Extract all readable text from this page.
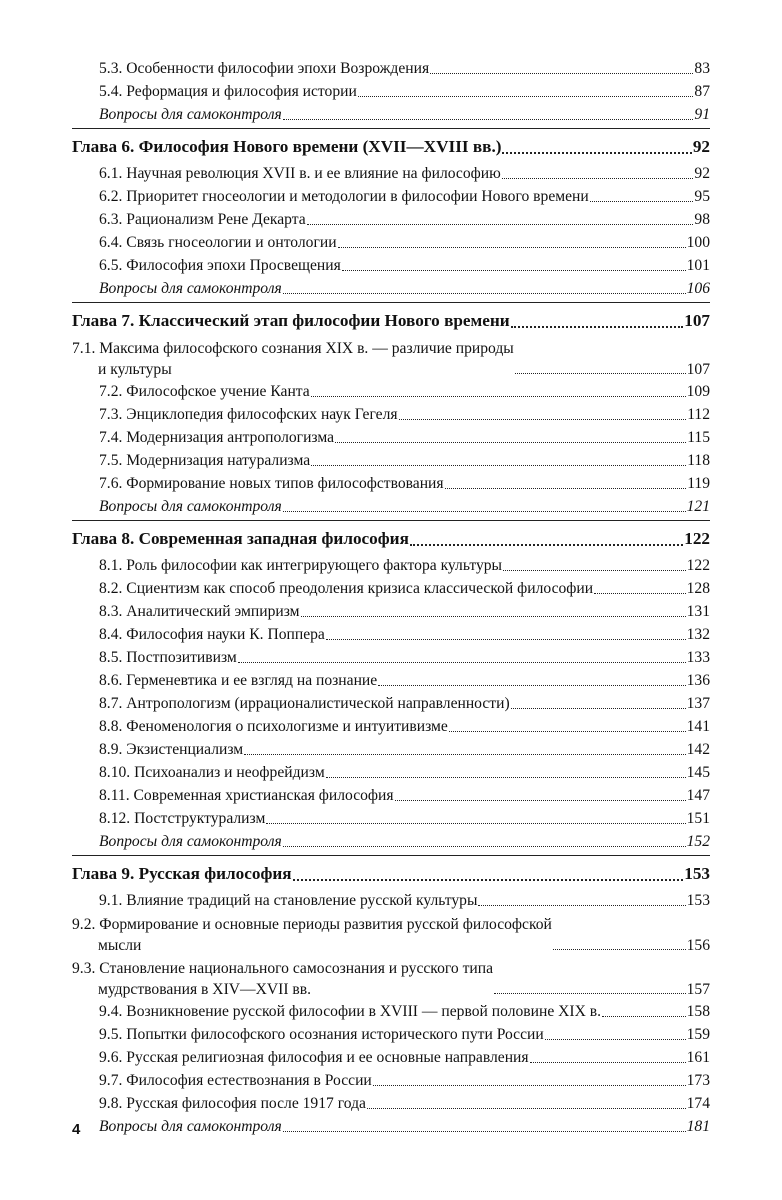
5.3. Особенности философии эпохи Возрождения	83
5.4. Реформация и философия истории	87
Вопросы для самоконтроля	91
Глава 6. Философия Нового времени (XVII—XVIII вв.)	92
6.1. Научная революция XVII в. и ее влияние на философию	92
6.2. Приоритет гносеологии и методологии в философии Нового времени	95
6.3. Рационализм Рене Декарта	98
6.4. Связь гносеологии и онтологии	100
6.5. Философия эпохи Просвещения	101
Вопросы для самоконтроля	106
Глава 7. Классический этап философии Нового времени	107
7.1. Максима философского сознания XIX в. — различие природы
и культуры	107
7.2. Философское учение Канта	109
7.3. Энциклопедия философских наук Гегеля	112
7.4. Модернизация антропологизма	115
7.5. Модернизация натурализма	118
7.6. Формирование новых типов философствования	119
Вопросы для самоконтроля	121
Глава 8. Современная западная философия	122
8.1. Роль философии как интегрирующего фактора культуры	122
8.2. Сциентизм как способ преодоления кризиса классической философии	128
8.3. Аналитический эмпиризм	131
8.4. Философия науки К. Поппера	132
8.5. Постпозитивизм	133
8.6. Герменевтика и ее взгляд на познание	136
8.7. Антропологизм (иррационалистической направленности)	137
8.8. Феноменология о психологизме и интуитивизме	141
8.9. Экзистенциализм	142
8.10. Психоанализ и неофрейдизм	145
8.11. Современная христианская философия	147
8.12. Постструктурализм	151
Вопросы для самоконтроля	152
Глава 9. Русская философия	153
9.1. Влияние традиций на становление русской культуры	153
9.2. Формирование и основные периоды развития русской философской
мысли	156
9.3. Становление национального самосознания и русского типа
мудрствования в XIV—XVII вв.	157
9.4. Возникновение русской философии в XVIII — первой половине XIX в.	158
9.5. Попытки философского осознания исторического пути России	159
9.6. Русская религиозная философия и ее основные направления	161
9.7. Философия естествознания в России	173
9.8. Русская философия после 1917 года	174
Вопросы для самоконтроля	181
4
